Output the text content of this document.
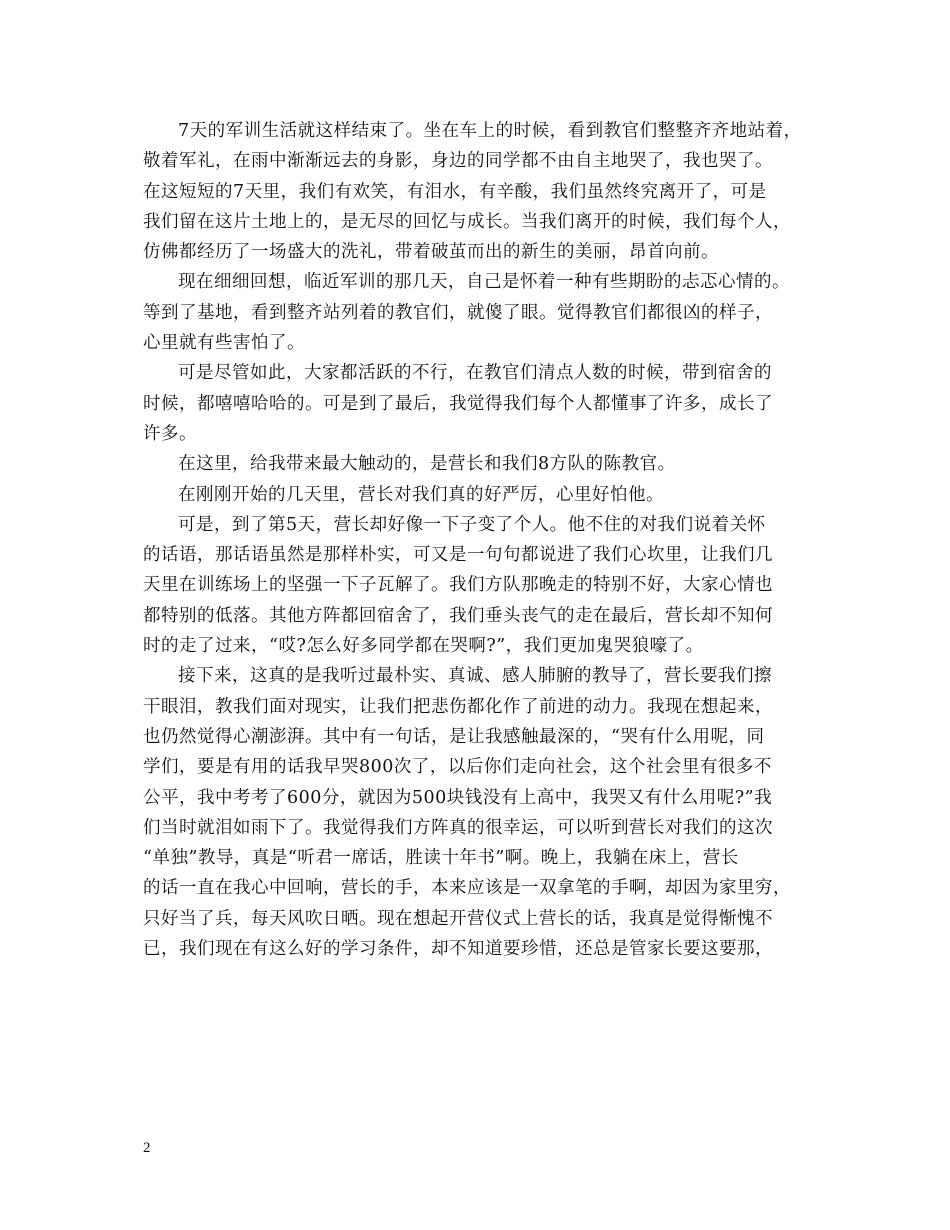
7天的军训生活就这样结束了。坐在车上的时候，看到教官们整整齐齐地站着，
敬着军礼，在雨中渐渐远去的身影，身边的同学都不由自主地哭了，我也哭了。
在这短短的7天里，我们有欢笑，有泪水，有辛酸，我们虽然终究离开了，可是
我们留在这片土地上的，是无尽的回忆与成长。当我们离开的时候，我们每个人，
仿佛都经历了一场盛大的洗礼，带着破茧而出的新生的美丽，昂首向前。
现在细细回想，临近军训的那几天，自己是怀着一种有些期盼的忐忑心情的。
等到了基地，看到整齐站列着的教官们，就傻了眼。觉得教官们都很凶的样子，
心里就有些害怕了。
可是尽管如此，大家都活跃的不行，在教官们清点人数的时候，带到宿舍的
时候，都嘻嘻哈哈的。可是到了最后，我觉得我们每个人都懂事了许多，成长了
许多。
在这里，给我带来最大触动的，是营长和我们8方队的陈教官。
在刚刚开始的几天里，营长对我们真的好严厉，心里好怕他。
可是，到了第5天，营长却好像一下子变了个人。他不住的对我们说着关怀
的话语，那话语虽然是那样朴实，可又是一句句都说进了我们心坎里，让我们几
天里在训练场上的坚强一下子瓦解了。我们方队那晚走的特别不好，大家心情也
都特别的低落。其他方阵都回宿舍了，我们垂头丧气的走在最后，营长却不知何
时的走了过来，“哎?怎么好多同学都在哭啊?”，我们更加鬼哭狼嚎了。
接下来，这真的是我听过最朴实、真诚、感人肺腑的教导了，营长要我们擦
干眼泪，教我们面对现实，让我们把悲伤都化作了前进的动力。我现在想起来，
也仍然觉得心潮澎湃。其中有一句话，是让我感触最深的，“哭有什么用呢，同
学们，要是有用的话我早哭800次了，以后你们走向社会，这个社会里有很多不
公平，我中考考了600分，就因为500块钱没有上高中，我哭又有什么用呢?”我
们当时就泪如雨下了。我觉得我们方阵真的很幸运，可以听到营长对我们的这次
“单独”教导，真是“听君一席话，胜读十年书”啊。晚上，我躺在床上，营长
的话一直在我心中回响，营长的手，本来应该是一双拿笔的手啊，却因为家里穷，
只好当了兵，每天风吹日晒。现在想起开营仪式上营长的话，我真是觉得惭愧不
已，我们现在有这么好的学习条件，却不知道要珍惜，还总是管家长要这要那，
2
